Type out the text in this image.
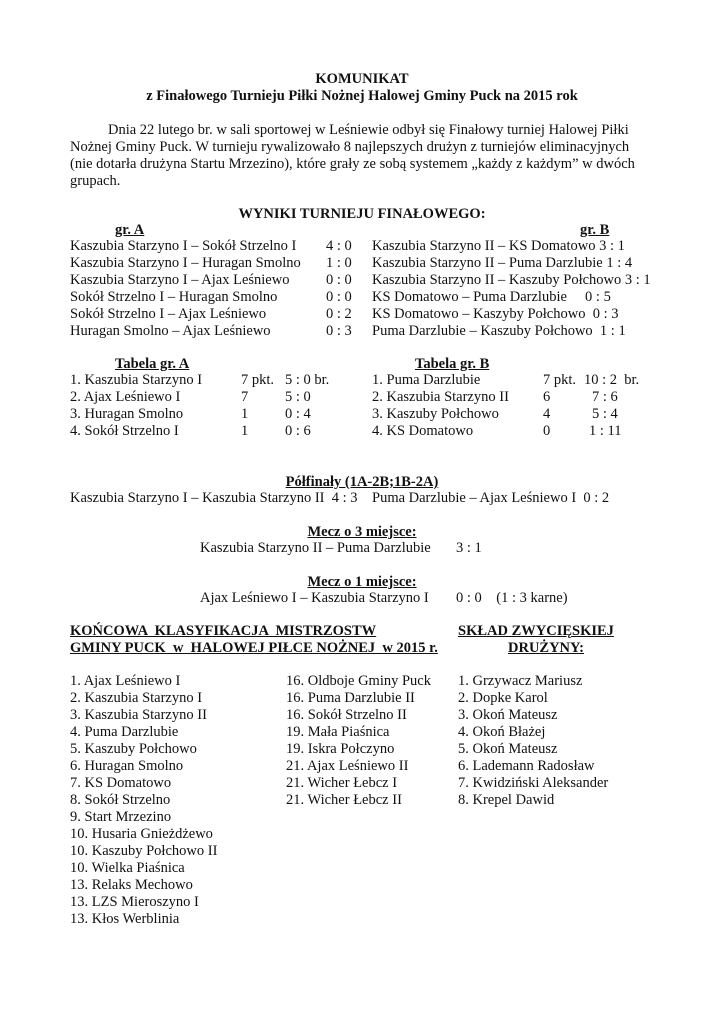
KOMUNIKAT
z Finałowego Turnieju Piłki Nożnej Halowej Gminy Puck na 2015 rok
Dnia 22 lutego br. w sali sportowej w Leśniewie odbył się Finałowy turniej Halowej Piłki
Nożnej Gminy Puck. W turnieju rywalizowało 8 najlepszych drużyn z turniejów eliminacyjnych
(nie dotarła drużyna Startu Mrzezino), które grały ze sobą systemem „każdy z każdym” w dwóch
grupach.
WYNIKI TURNIEJU FINAŁOWEGO:
gr. A	gr. B
Kaszubia Starzyno I – Sokół Strzelno I 4 : 0
Kaszubia Starzyno I – Huragan Smolno 1 : 0
Kaszubia Starzyno I – Ajax Leśniewo	0 : 0
Sokół Strzelno I – Huragan Smolno	0 : 0
Sokół Strzelno I – Ajax Leśniewo	0 : 2
Huragan Smolno – Ajax Leśniewo	0 : 3
Kaszubia Starzyno II – KS Domatowo 3 : 1
Kaszubia Starzyno II – Puma Darzlubie 1 : 4
Kaszubia Starzyno II – Kaszuby Połchowo 3 : 1
KS Domatowo – Puma Darzlubie     0 : 5
KS Domatowo – Kaszyby Połchowo  0 : 3
Puma Darzlubie – Kaszuby Połchowo  1 : 1
Tabela gr. A	Tabela gr. B
1. Kaszubia Starzyno I	7 pkt. 5 : 0 br.
2. Ajax Leśniewo I	7	5 : 0
3. Huragan Smolno	1	0 : 4
4. Sokół Strzelno I	1	0 : 6
1. Puma Darzlubie	7 pkt. 10 : 2  br.
2. Kaszubia Starzyno II 6	7 : 6
3. Kaszuby Połchowo	4	5 : 4
4. KS Domatowo	0	1 : 11
Półfinały (1A-2B;1B-2A)
Kaszubia Starzyno I – Kaszubia Starzyno II  4 : 3    Puma Darzlubie – Ajax Leśniewo I  0 : 2
Mecz o 3 miejsce:
Kaszubia Starzyno II – Puma Darzlubie 3 : 1
Mecz o 1 miejsce:
Ajax Leśniewo I – Kaszubia Starzyno I 0 : 0    (1 : 3 karne)
KOŃCOWA  KLASYFIKACJA  MISTRZOSTW
GMINY PUCK  w  HALOWEJ PIŁCE NOŻNEJ  w 2015 r.
SKŁAD ZWYCIĘSKIEJ
DRUŻYNY:
1. Ajax Leśniewo I
2. Kaszubia Starzyno I
3. Kaszubia Starzyno II
4. Puma Darzlubie
5. Kaszuby Połchowo
6. Huragan Smolno
7. KS Domatowo
8. Sokół Strzelno
9. Start Mrzezino
10. Husaria Gnieżdżewo
10. Kaszuby Połchowo II
10. Wielka Piaśnica
13. Relaks Mechowo
13. LZS Mieroszyno I
13. Kłos Werblinia
16. Oldboje Gminy Puck
16. Puma Darzlubie II
16. Sokół Strzelno II
19. Mała Piaśnica
19. Iskra Połczyno
21. Ajax Leśniewo II
21. Wicher Łebcz I
21. Wicher Łebcz II
1. Grzywacz Mariusz
2. Dopke Karol
3. Okoń Mateusz
4. Okoń Błażej
5. Okoń Mateusz
6. Lademann Radosław
7. Kwidziński Aleksander
8. Krepel Dawid
